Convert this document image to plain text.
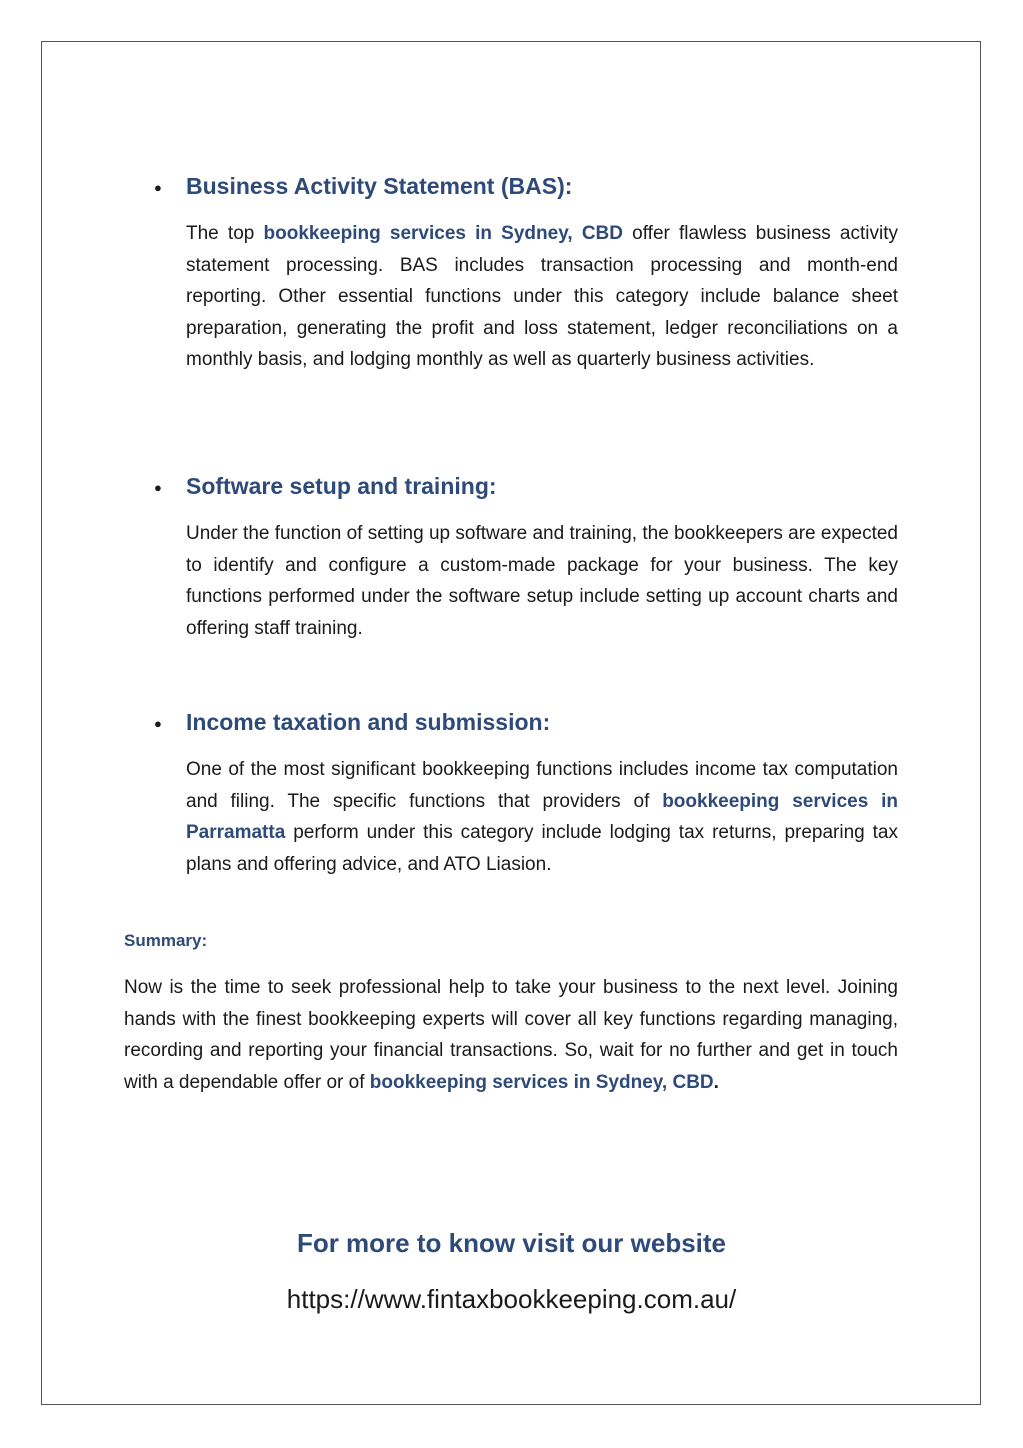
● Business Activity Statement (BAS):
The top bookkeeping services in Sydney, CBD offer flawless business activity statement processing. BAS includes transaction processing and month-end reporting. Other essential functions under this category include balance sheet preparation, generating the profit and loss statement, ledger reconciliations on a monthly basis, and lodging monthly as well as quarterly business activities.
● Software setup and training:
Under the function of setting up software and training, the bookkeepers are expected to identify and configure a custom-made package for your business. The key functions performed under the software setup include setting up account charts and offering staff training.
● Income taxation and submission:
One of the most significant bookkeeping functions includes income tax computation and filing. The specific functions that providers of bookkeeping services in Parramatta perform under this category include lodging tax returns, preparing tax plans and offering advice, and ATO Liasion.
Summary:
Now is the time to seek professional help to take your business to the next level. Joining hands with the finest bookkeeping experts will cover all key functions regarding managing, recording and reporting your financial transactions. So, wait for no further and get in touch with a dependable offer or of bookkeeping services in Sydney, CBD.
For more to know visit our website
https://www.fintaxbookkeeping.com.au/
